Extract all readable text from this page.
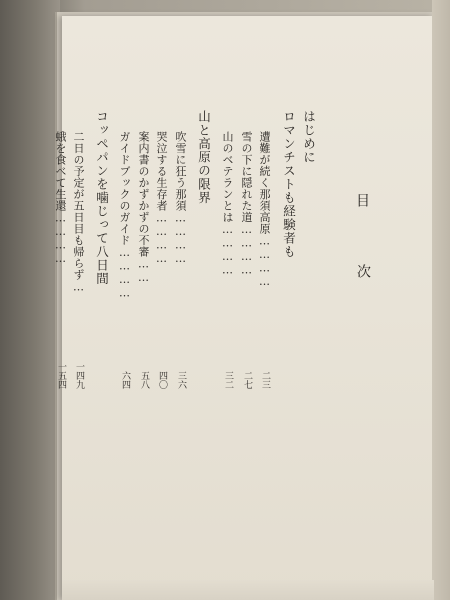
目
次
はじめに
ロマンチストも経験者も
遭難が続く那須高原…………
二三
雪の下に隠れた道…………
二七
山のベテランとは…………
三二
山と高原の限界
吹雪に狂う那須…………
三六
哭泣する生存者…………
四〇
案内書のかずかずの不審……
五八
ガイドブックのガイド…………
六四
コッペパンを噛じって八日間
二日の予定が五日目も帰らず…
一四九
蛾を食べて生還…………
一五四
